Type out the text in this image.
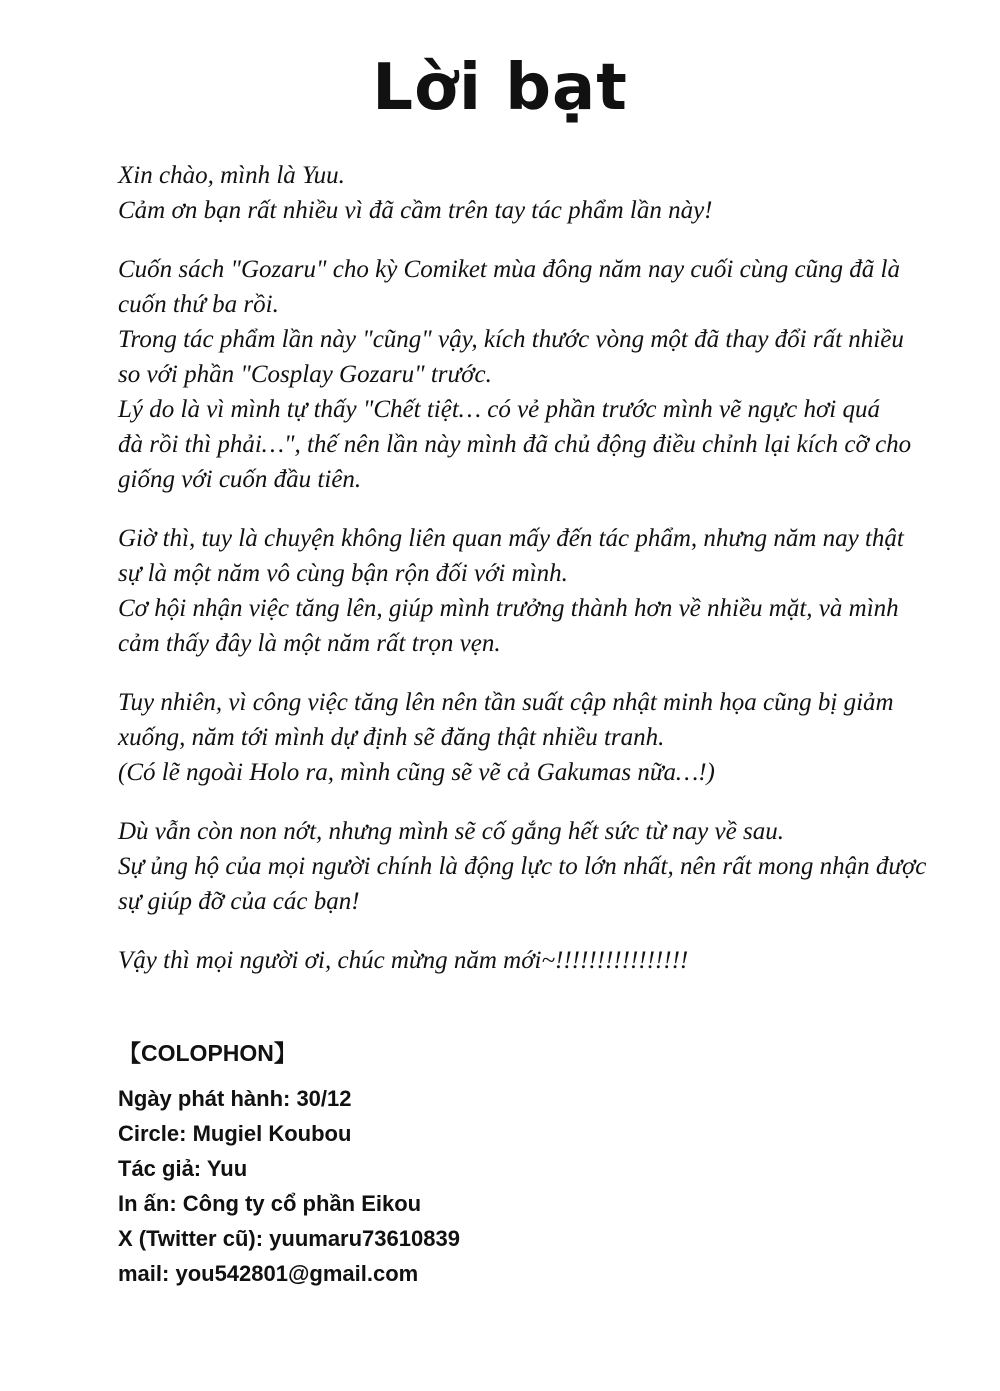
Lời bạt

Xin chào, mình là Yuu.
Cảm ơn bạn rất nhiều vì đã cầm trên tay tác phẩm lần này!

Cuốn sách "Gozaru" cho kỳ Comiket mùa đông năm nay cuối cùng cũng đã là
cuốn thứ ba rồi.
Trong tác phẩm lần này "cũng" vậy, kích thước vòng một đã thay đổi rất nhiều
so với phần "Cosplay Gozaru" trước.
Lý do là vì mình tự thấy "Chết tiệt… có vẻ phần trước mình vẽ ngực hơi quá
đà rồi thì phải…", thế nên lần này mình đã chủ động điều chỉnh lại kích cỡ cho
giống với cuốn đầu tiên.

Giờ thì, tuy là chuyện không liên quan mấy đến tác phẩm, nhưng năm nay thật
sự là một năm vô cùng bận rộn đối với mình.
Cơ hội nhận việc tăng lên, giúp mình trưởng thành hơn về nhiều mặt, và mình
cảm thấy đây là một năm rất trọn vẹn.

Tuy nhiên, vì công việc tăng lên nên tần suất cập nhật minh họa cũng bị giảm
xuống, năm tới mình dự định sẽ đăng thật nhiều tranh.
(Có lẽ ngoài Holo ra, mình cũng sẽ vẽ cả Gakumas nữa…!)

Dù vẫn còn non nớt, nhưng mình sẽ cố gắng hết sức từ nay về sau.
Sự ủng hộ của mọi người chính là động lực to lớn nhất, nên rất mong nhận được
sự giúp đỡ của các bạn!

Vậy thì mọi người ơi, chúc mừng năm mới~!!!!!!!!!!!!!!!!

【COLOPHON】
Ngày phát hành: 30/12
Circle: Mugiel Koubou
Tác giả: Yuu
In ấn: Công ty cổ phần Eikou
X (Twitter cũ): yuumaru73610839
mail: you542801@gmail.com
